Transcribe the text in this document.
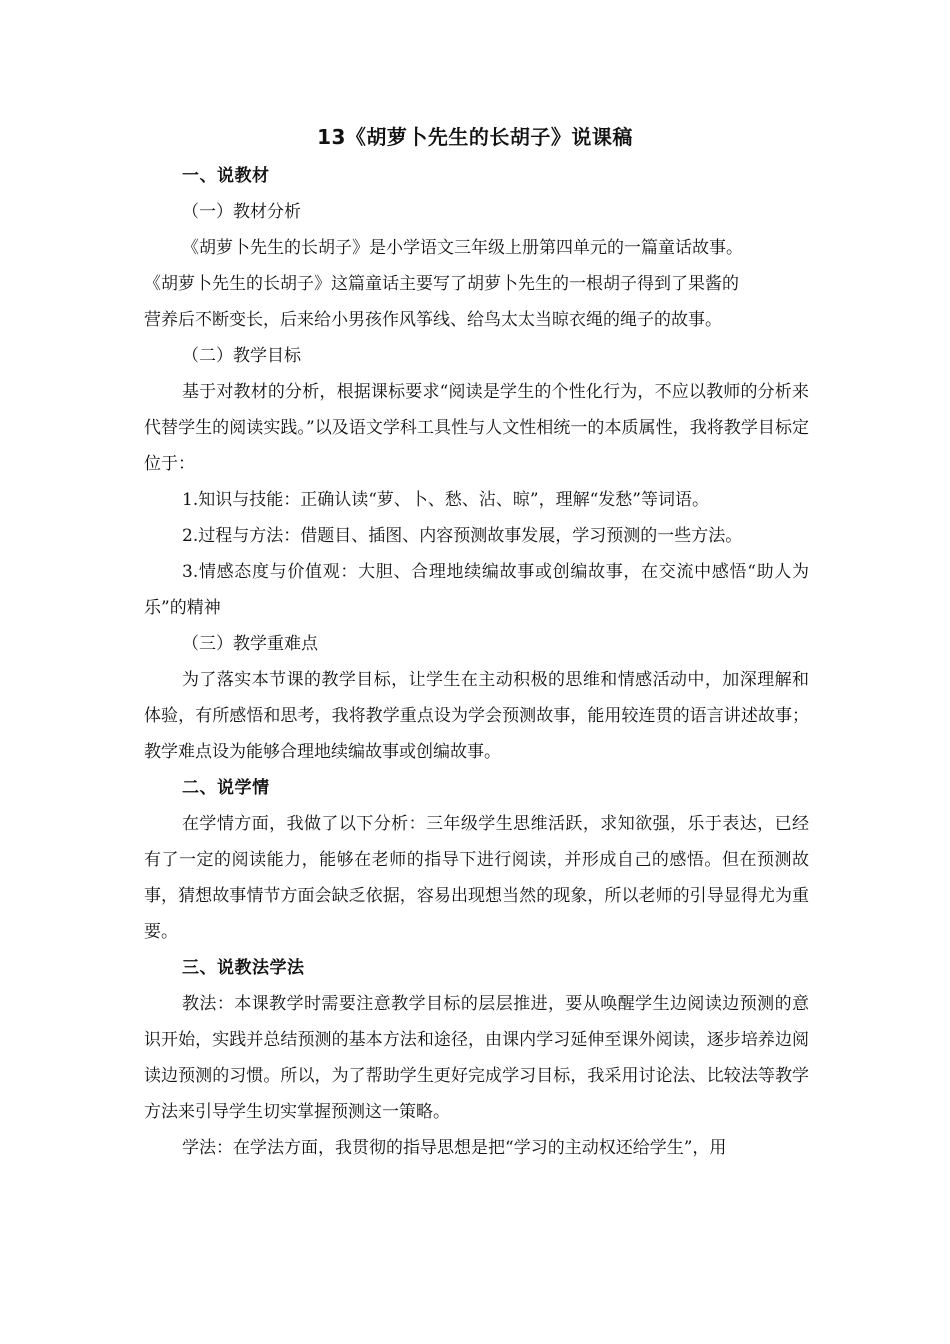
13《胡萝卜先生的长胡子》说课稿

一、说教材

（一）教材分析

《胡萝卜先生的长胡子》是小学语文三年级上册第四单元的一篇童话故事。

《胡萝卜先生的长胡子》这篇童话主要写了胡萝卜先生的一根胡子得到了果酱的

营养后不断变长，后来给小男孩作风筝线、给鸟太太当晾衣绳的绳子的故事。

（二）教学目标

基于对教材的分析，根据课标要求“阅读是学生的个性化行为，不应以教师的分析来代替学生的阅读实践。”以及语文学科工具性与人文性相统一的本质属性，我将教学目标定位于：

1.知识与技能：正确认读“萝、卜、愁、沾、晾”，理解“发愁”等词语。

2.过程与方法：借题目、插图、内容预测故事发展，学习预测的一些方法。

3.情感态度与价值观：大胆、合理地续编故事或创编故事，在交流中感悟“助人为乐”的精神

（三）教学重难点

为了落实本节课的教学目标，让学生在主动积极的思维和情感活动中，加深理解和体验，有所感悟和思考，我将教学重点设为学会预测故事，能用较连贯的语言讲述故事；教学难点设为能够合理地续编故事或创编故事。

二、说学情

在学情方面，我做了以下分析：三年级学生思维活跃，求知欲强，乐于表达，已经有了一定的阅读能力，能够在老师的指导下进行阅读，并形成自己的感悟。但在预测故事，猜想故事情节方面会缺乏依据，容易出现想当然的现象，所以老师的引导显得尤为重要。

三、说教法学法

教法：本课教学时需要注意教学目标的层层推进，要从唤醒学生边阅读边预测的意识开始，实践并总结预测的基本方法和途径，由课内学习延伸至课外阅读，逐步培养边阅读边预测的习惯。所以，为了帮助学生更好完成学习目标，我采用讨论法、比较法等教学方法来引导学生切实掌握预测这一策略。

学法：在学法方面，我贯彻的指导思想是把“学习的主动权还给学生”，用
